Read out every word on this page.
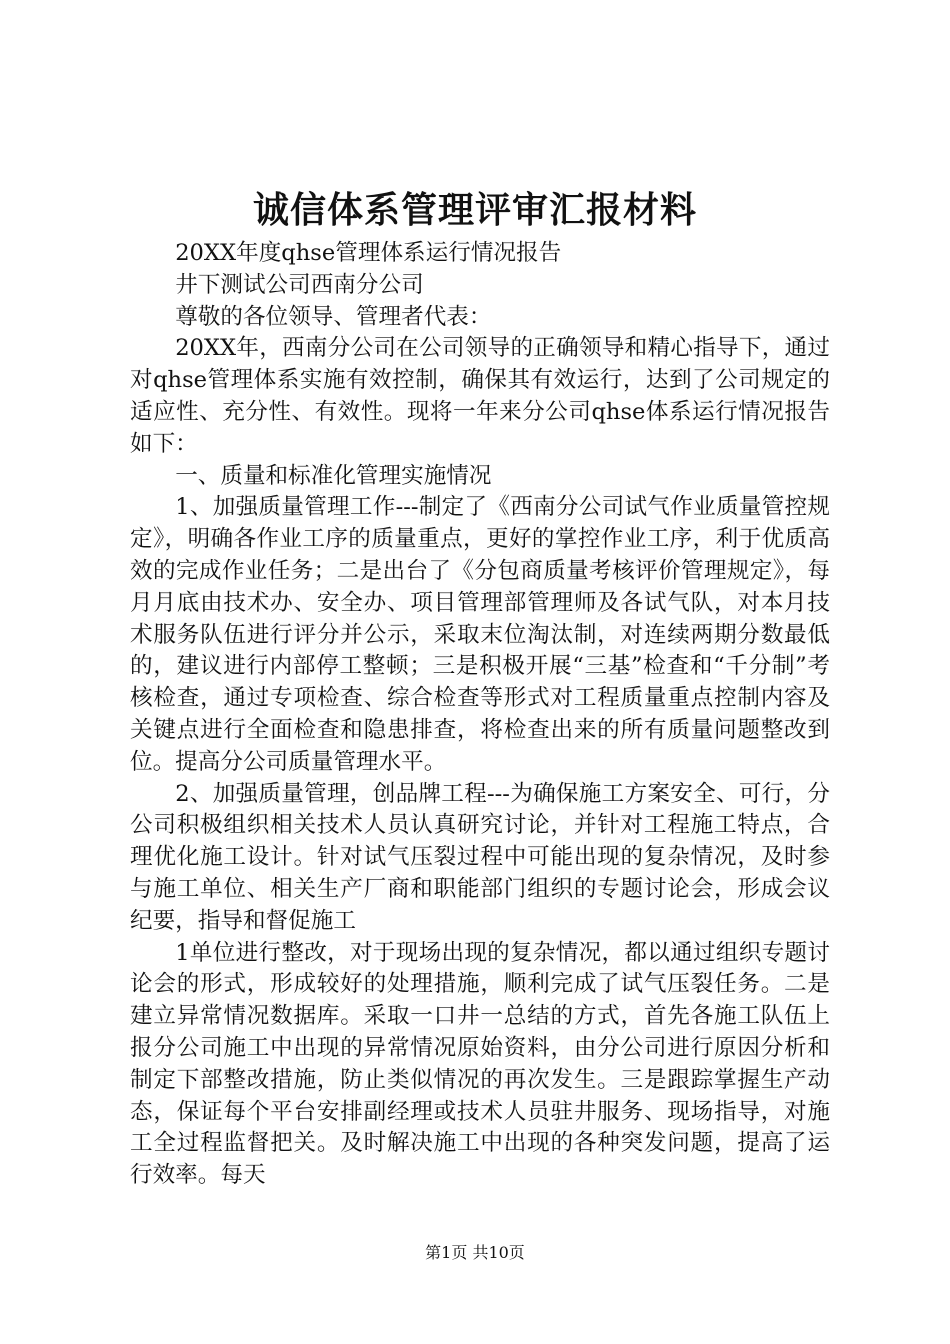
诚信体系管理评审汇报材料

20XX年度qhse管理体系运行情况报告

井下测试公司西南分公司

尊敬的各位领导、管理者代表：

20XX年，西南分公司在公司领导的正确领导和精心指导下，通过对qhse管理体系实施有效控制，确保其有效运行，达到了公司规定的适应性、充分性、有效性。现将一年来分公司qhse体系运行情况报告如下：

一、质量和标准化管理实施情况

1、加强质量管理工作---制定了《西南分公司试气作业质量管控规定》，明确各作业工序的质量重点，更好的掌控作业工序，利于优质高效的完成作业任务；二是出台了《分包商质量考核评价管理规定》，每月月底由技术办、安全办、项目管理部管理师及各试气队，对本月技术服务队伍进行评分并公示，采取末位淘汰制，对连续两期分数最低的，建议进行内部停工整顿；三是积极开展“三基”检查和“千分制”考核检查，通过专项检查、综合检查等形式对工程质量重点控制内容及关键点进行全面检查和隐患排查，将检查出来的所有质量问题整改到位。提高分公司质量管理水平。

2、加强质量管理，创品牌工程---为确保施工方案安全、可行，分公司积极组织相关技术人员认真研究讨论，并针对工程施工特点，合理优化施工设计。针对试气压裂过程中可能出现的复杂情况，及时参与施工单位、相关生产厂商和职能部门组织的专题讨论会，形成会议纪要，指导和督促施工

1单位进行整改，对于现场出现的复杂情况，都以通过组织专题讨论会的形式，形成较好的处理措施，顺利完成了试气压裂任务。二是建立异常情况数据库。采取一口井一总结的方式，首先各施工队伍上报分公司施工中出现的异常情况原始资料，由分公司进行原因分析和制定下部整改措施，防止类似情况的再次发生。三是跟踪掌握生产动态，保证每个平台安排副经理或技术人员驻井服务、现场指导，对施工全过程监督把关。及时解决施工中出现的各种突发问题，提高了运行效率。每天

第1页 共10页
